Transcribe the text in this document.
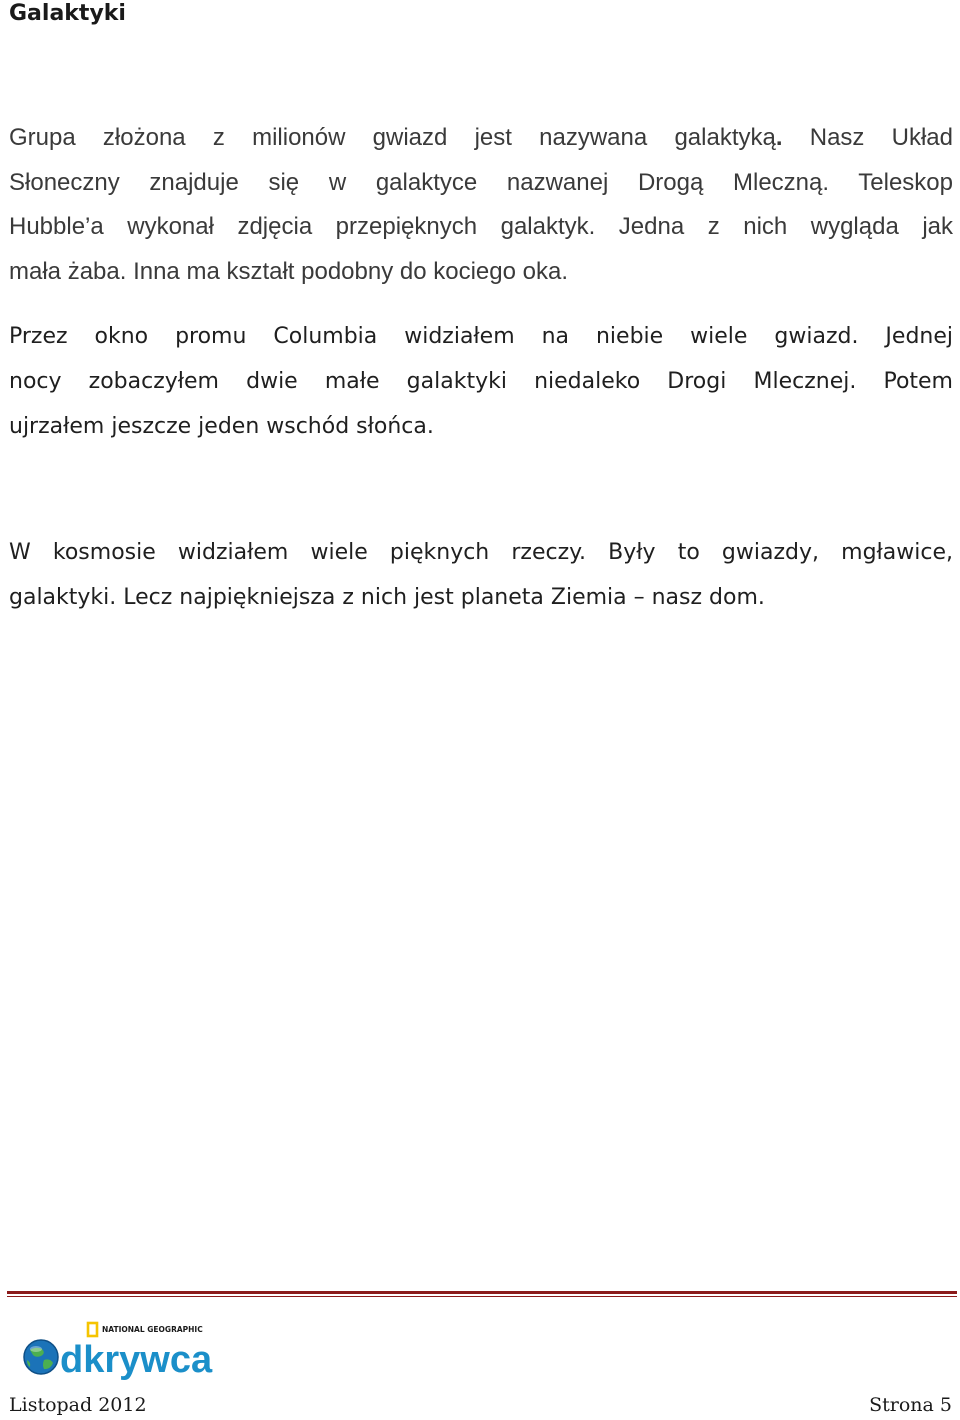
Galaktyki

Grupa złożona z milionów gwiazd jest nazywana galaktyką. Nasz Układ
Słoneczny znajduje się w galaktyce nazwanej Drogą Mleczną. Teleskop
Hubble’a wykonał zdjęcia przepięknych galaktyk. Jedna z nich wygląda jak
mała żaba. Inna ma kształt podobny do kociego oka.

Przez okno promu Columbia widziałem na niebie wiele gwiazd. Jednej
nocy zobaczyłem dwie małe galaktyki niedaleko Drogi Mlecznej. Potem
ujrzałem jeszcze jeden wschód słońca.

W kosmosie widziałem wiele pięknych rzeczy. Były to gwiazdy, mgławice,
galaktyki. Lecz najpiękniejsza z nich jest planeta Ziemia – nasz dom.

NATIONAL GEOGRAPHIC
dkrywca
Listopad 2012	Strona 5
